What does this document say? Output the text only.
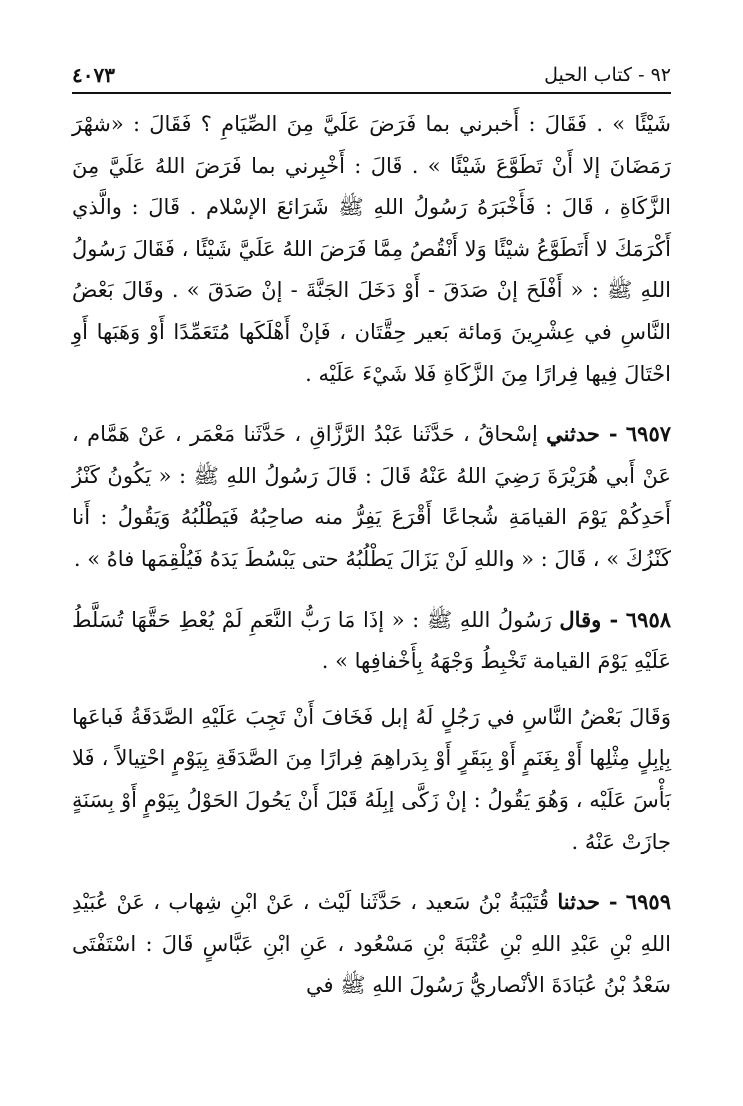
٩٢ - كتاب الحيل
٤٠٧٣

شَيْئًا » . فَقَالَ : أَخبرني بما فَرَضَ عَلَيَّ مِنَ الصِّيَامِ ؟ فَقَالَ : «شهْرَ رَمَضَانَ إلا أَنْ تَطَوَّعَ شَيْئًا » . قَالَ : أَخْبِرني بما فَرَضَ اللهُ عَلَيَّ مِنَ الزَّكَاةِ ، قَالَ : فَأَخْبَرَهُ رَسُولُ اللهِ ﷺ شَرَائعَ الإسْلام . قَالَ : والَّذي أَكْرَمَكَ لا أَتَطَوَّعُ شيْئًا وَلا أَنْقُصُ مِمَّا فَرَضَ اللهُ عَلَيَّ شَيْئًا ، فَقَالَ رَسُولُ اللهِ ﷺ : « أَفْلَحَ إنْ صَدَقَ - أَوْ دَخَلَ الجَنَّةَ - إنْ صَدَقَ » . وقَالَ بَعْضُ النَّاسِ في عِشْرِينَ وَمائة بَعير حِقَّتَان ، فَإنْ أَهْلَكَها مُتَعَمِّدًا أَوْ وَهَبَها أَوِ احْتَالَ فِيها فِرارًا مِنَ الزَّكَاةِ فَلا شَيْءَ عَلَيْه .

٦٩٥٧ - حدثني إسْحاقُ ، حَدَّثَنا عَبْدُ الرَّزَّاقِ ، حَدَّثَنا مَعْمَر ، عَنْ هَمَّام ، عَنْ أَبي هُرَيْرَةَ رَضِيَ اللهُ عَنْهُ قَالَ : قَالَ رَسُولُ اللهِ ﷺ : « يَكُونُ كَنْزُ أَحَدِكُمْ يَوْمَ القيامَةِ شُجاعًا أَقْرَعَ يَفِرُّ منه صاحِبُهُ فَيَطْلُبُهُ وَيَقُولُ : أَنا كَنْزُكَ » ، قَالَ : « واللهِ لَنْ يَزَالَ يَطْلُبُهُ حتى يَبْسُطَ يَدَهُ فَيُلْقِمَها فاهُ » .

٦٩٥٨ - وقال رَسُولُ اللهِ ﷺ : « إذَا مَا رَبُّ النَّعَمِ لَمْ يُعْطِ حَقَّهَا تُسَلَّطُ عَلَيْهِ يَوْمَ القيامة تَخْبِطُ وَجْهَهُ بِأَخْفافِها » .

وَقَالَ بَعْضُ النَّاسِ في رَجُلٍ لَهُ إبل فَخَافَ أَنْ تَجِبَ عَلَيْهِ الصَّدَقَةُ فَباعَها بِإبِلٍ مِثْلِها أَوْ بِغَنَمٍ أَوْ بِبَقَرٍ أَوْ بِدَراهِمَ فِرارًا مِنَ الصَّدَقَةِ بِيَوْمٍ احْتِيالاً ، فَلا بَأْسَ عَلَيْه ، وَهُوَ يَقُولُ : إنْ زَكَّى إبِلَهُ قَبْلَ أَنْ يَحُولَ الحَوْلُ بِيَوْمٍ أَوْ بِسَنَةٍ جازَتْ عَنْهُ .

٦٩٥٩ - حدثنا قُتَيْبَةُ بْنُ سَعيد ، حَدَّثَنا لَيْث ، عَنْ ابْنِ شِهاب ، عَنْ عُبَيْدِ اللهِ بْنِ عَبْدِ اللهِ بْنِ عُتْبَةَ بْنِ مَسْعُود ، عَنِ ابْنِ عَبَّاسٍ قَالَ : اسْتَفْتَى سَعْدُ بْنُ عُبَادَةَ الأنْصاريُّ رَسُولَ اللهِ ﷺ في
